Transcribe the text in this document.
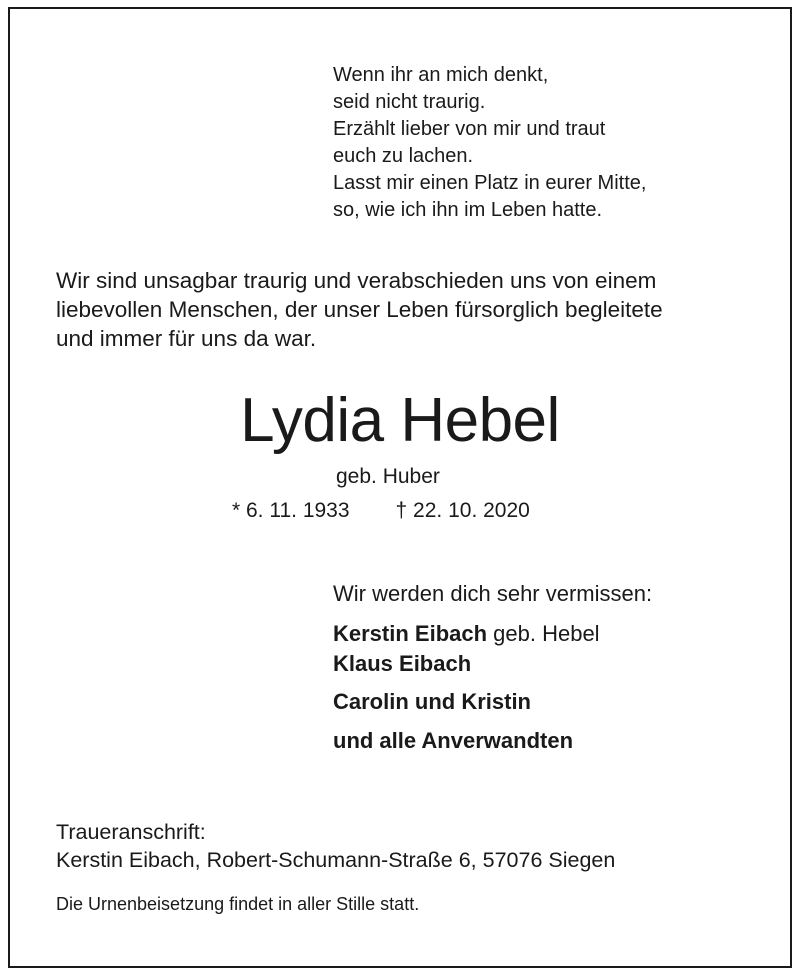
Wenn ihr an mich denkt,
seid nicht traurig.
Erzählt lieber von mir und traut
euch zu lachen.
Lasst mir einen Platz in eurer Mitte,
so, wie ich ihn im Leben hatte.
Wir sind unsagbar traurig und verabschieden uns von einem
liebevollen Menschen, der unser Leben fürsorglich begleitete
und immer für uns da war.
Lydia Hebel
geb. Huber
* 6. 11. 1933 † 22. 10. 2020
Wir werden dich sehr vermissen:
Kerstin Eibach geb. Hebel
Klaus Eibach
Carolin und Kristin
und alle Anverwandten
Traueranschrift:
Kerstin Eibach, Robert-Schumann-Straße 6, 57076 Siegen
Die Urnenbeisetzung findet in aller Stille statt.
